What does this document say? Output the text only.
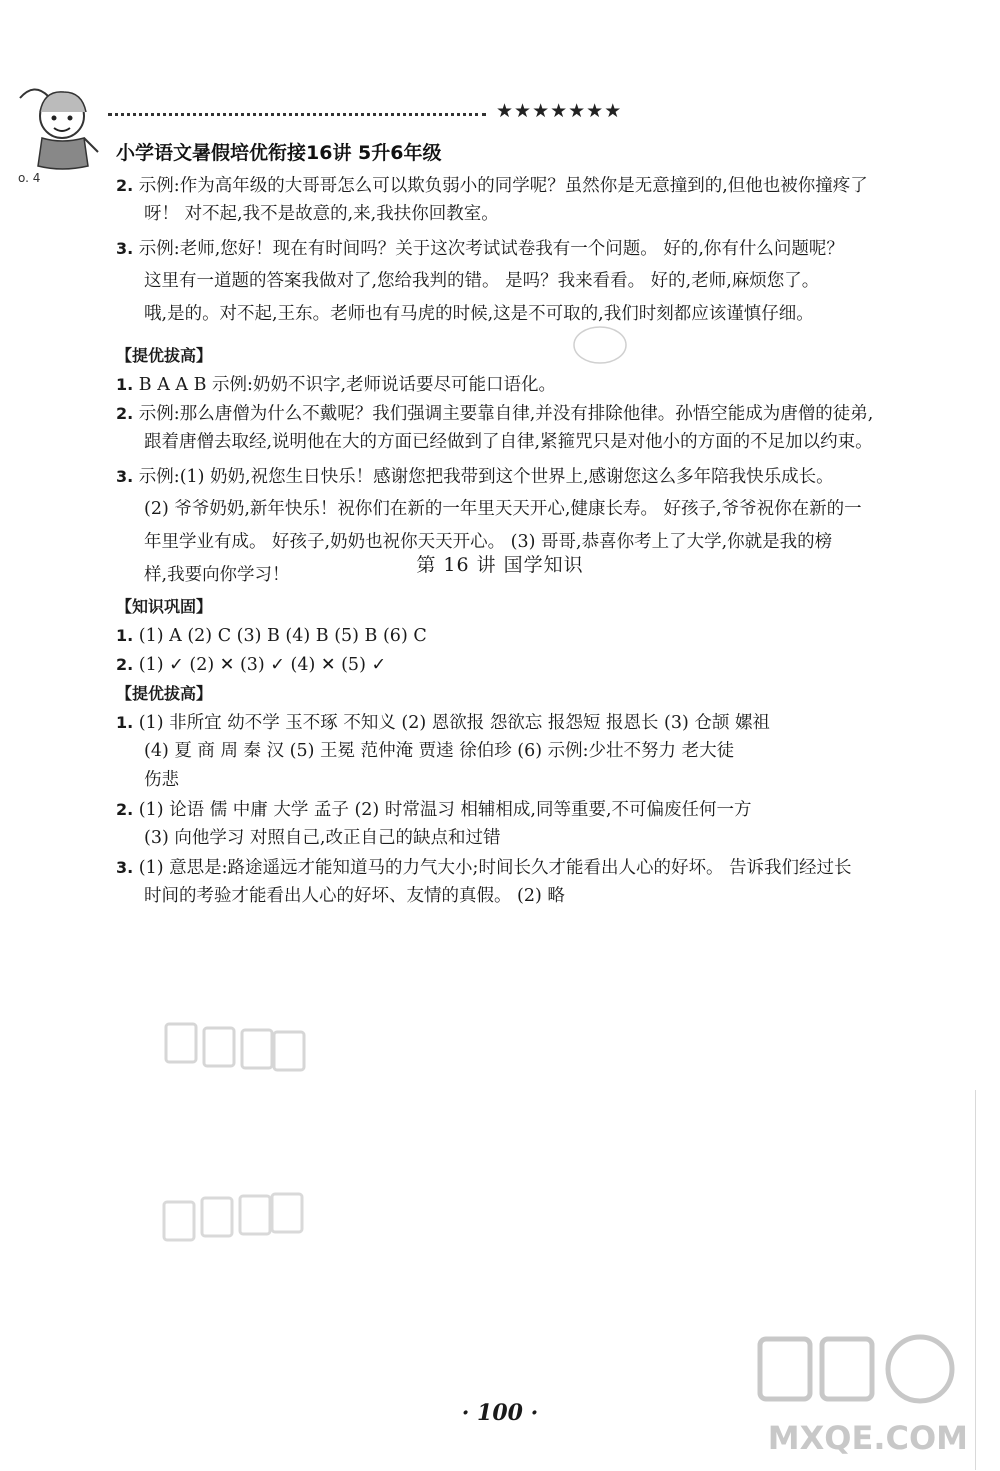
o. 4
★★★★★★★
小学语文暑假培优衔接16讲 5升6年级
2. 示例:作为高年级的大哥哥怎么可以欺负弱小的同学呢？虽然你是无意撞到的,但他也被你撞疼了
呀！ 对不起,我不是故意的,来,我扶你回教室。
3. 示例:老师,您好！现在有时间吗？关于这次考试试卷我有一个问题。 好的,你有什么问题呢？
这里有一道题的答案我做对了,您给我判的错。 是吗？我来看看。 好的,老师,麻烦您了。
哦,是的。对不起,王东。老师也有马虎的时候,这是不可取的,我们时刻都应该谨慎仔细。
【提优拔高】
1. B A A B 示例:奶奶不识字,老师说话要尽可能口语化。
2. 示例:那么唐僧为什么不戴呢？我们强调主要靠自律,并没有排除他律。孙悟空能成为唐僧的徒弟,
跟着唐僧去取经,说明他在大的方面已经做到了自律,紧箍咒只是对他小的方面的不足加以约束。
3. 示例:(1) 奶奶,祝您生日快乐！感谢您把我带到这个世界上,感谢您这么多年陪我快乐成长。
(2) 爷爷奶奶,新年快乐！祝你们在新的一年里天天开心,健康长寿。 好孩子,爷爷祝你在新的一
年里学业有成。 好孩子,奶奶也祝你天天开心。 (3) 哥哥,恭喜你考上了大学,你就是我的榜
样,我要向你学习！	第 16 讲 国学知识
【知识巩固】
1. (1) A (2) C (3) B (4) B (5) B (6) C
2. (1) ✓ (2) ✕ (3) ✓ (4) ✕ (5) ✓
【提优拔高】
1. (1) 非所宜 幼不学 玉不琢 不知义 (2) 恩欲报 怨欲忘 报怨短 报恩长 (3) 仓颉 嫘祖
(4) 夏 商 周 秦 汉 (5) 王冕 范仲淹 贾逵 徐伯珍 (6) 示例:少壮不努力 老大徒
伤悲
2. (1) 论语 儒 中庸 大学 孟子 (2) 时常温习 相辅相成,同等重要,不可偏废任何一方
(3) 向他学习 对照自己,改正自己的缺点和过错
3. (1) 意思是:路途遥远才能知道马的力气大小;时间长久才能看出人心的好坏。 告诉我们经过长
时间的考验才能看出人心的好坏、友情的真假。 (2) 略
· 100 ·
MXQE.COM
